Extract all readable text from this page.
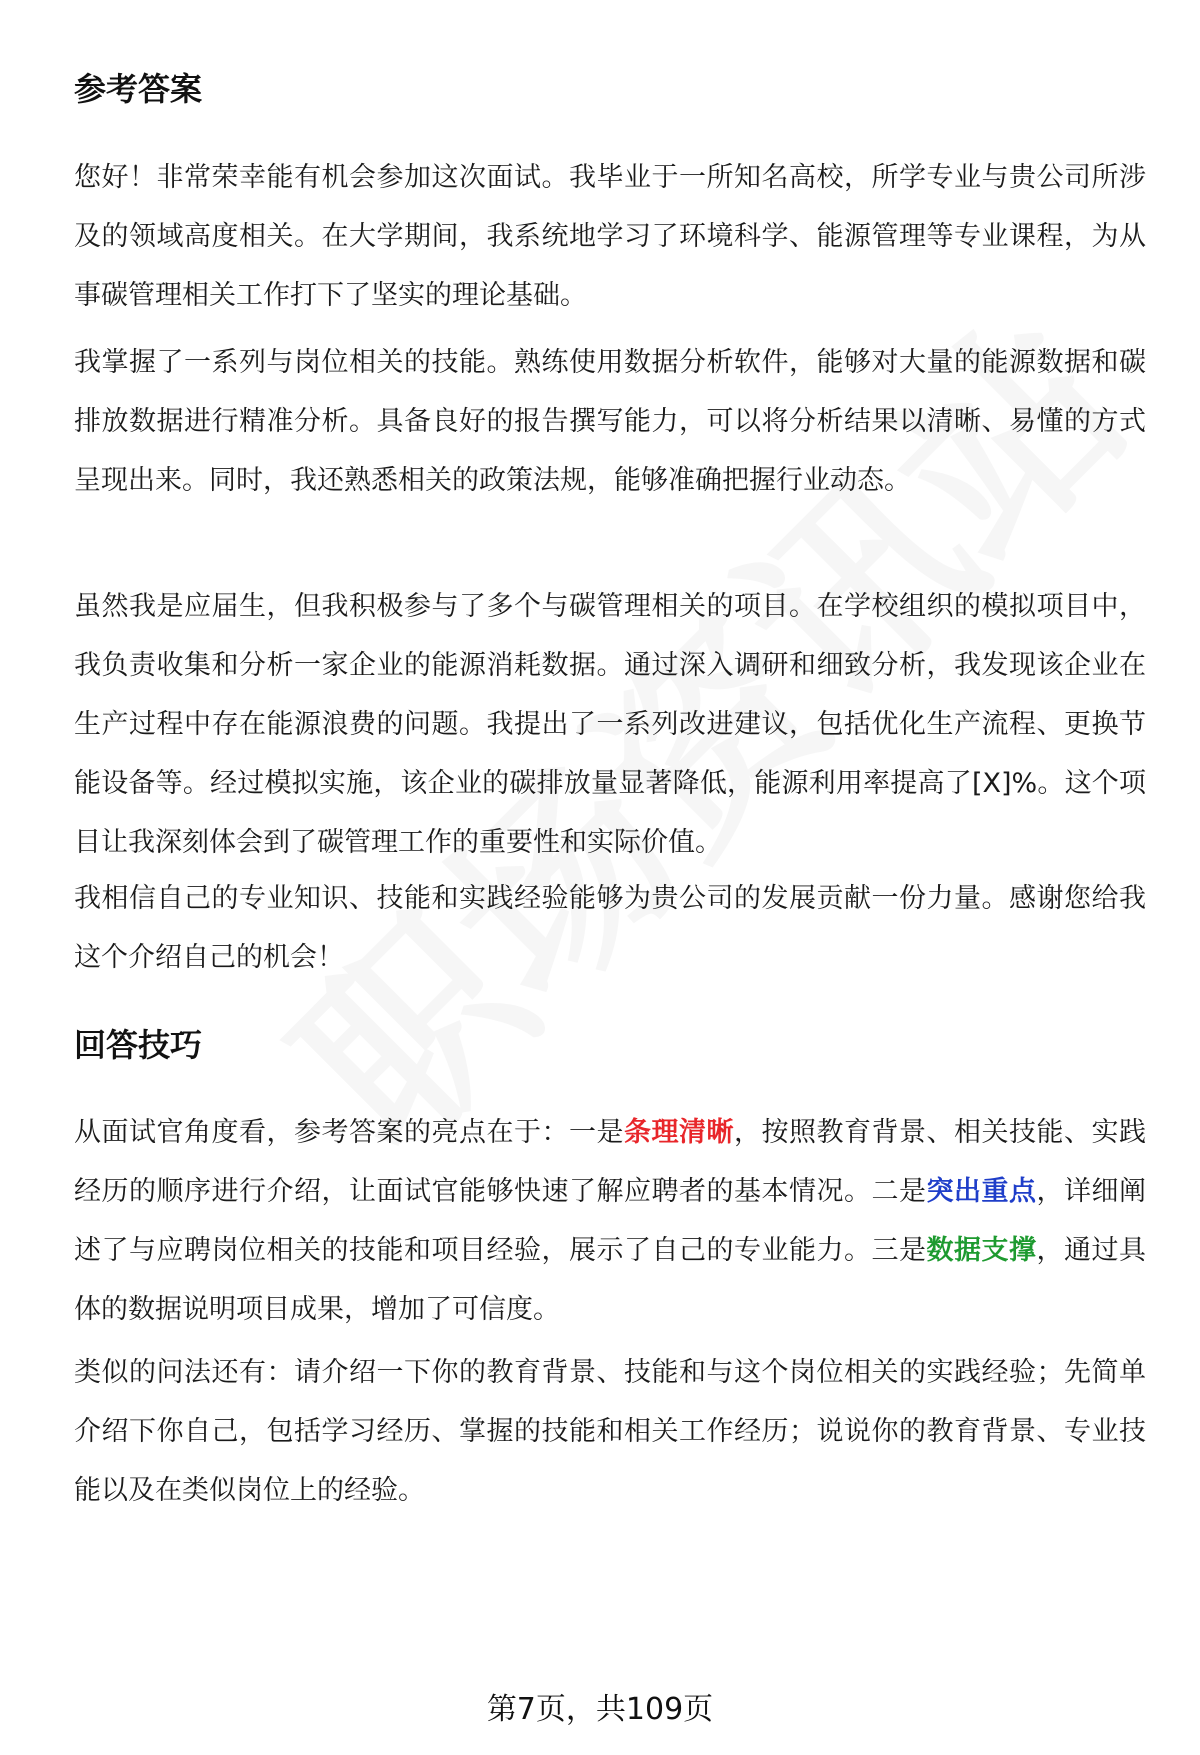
参考答案
您好！非常荣幸能有机会参加这次面试。我毕业于一所知名高校，所学专业与贵公司所涉及的领域高度相关。在大学期间，我系统地学习了环境科学、能源管理等专业课程，为从事碳管理相关工作打下了坚实的理论基础。
我掌握了一系列与岗位相关的技能。熟练使用数据分析软件，能够对大量的能源数据和碳排放数据进行精准分析。具备良好的报告撰写能力，可以将分析结果以清晰、易懂的方式呈现出来。同时，我还熟悉相关的政策法规，能够准确把握行业动态。
虽然我是应届生，但我积极参与了多个与碳管理相关的项目。在学校组织的模拟项目中，我负责收集和分析一家企业的能源消耗数据。通过深入调研和细致分析，我发现该企业在生产过程中存在能源浪费的问题。我提出了一系列改进建议，包括优化生产流程、更换节能设备等。经过模拟实施，该企业的碳排放量显著降低，能源利用率提高了[X]%。这个项目让我深刻体会到了碳管理工作的重要性和实际价值。
我相信自己的专业知识、技能和实践经验能够为贵公司的发展贡献一份力量。感谢您给我这个介绍自己的机会！
回答技巧
从面试官角度看，参考答案的亮点在于：一是条理清晰，按照教育背景、相关技能、实践经历的顺序进行介绍，让面试官能够快速了解应聘者的基本情况。二是突出重点，详细阐述了与应聘岗位相关的技能和项目经验，展示了自己的专业能力。三是数据支撑，通过具体的数据说明项目成果，增加了可信度。
类似的问法还有：请介绍一下你的教育背景、技能和与这个岗位相关的实践经验；先简单介绍下你自己，包括学习经历、掌握的技能和相关工作经历；说说你的教育背景、专业技能以及在类似岗位上的经验。
第7页，共109页
